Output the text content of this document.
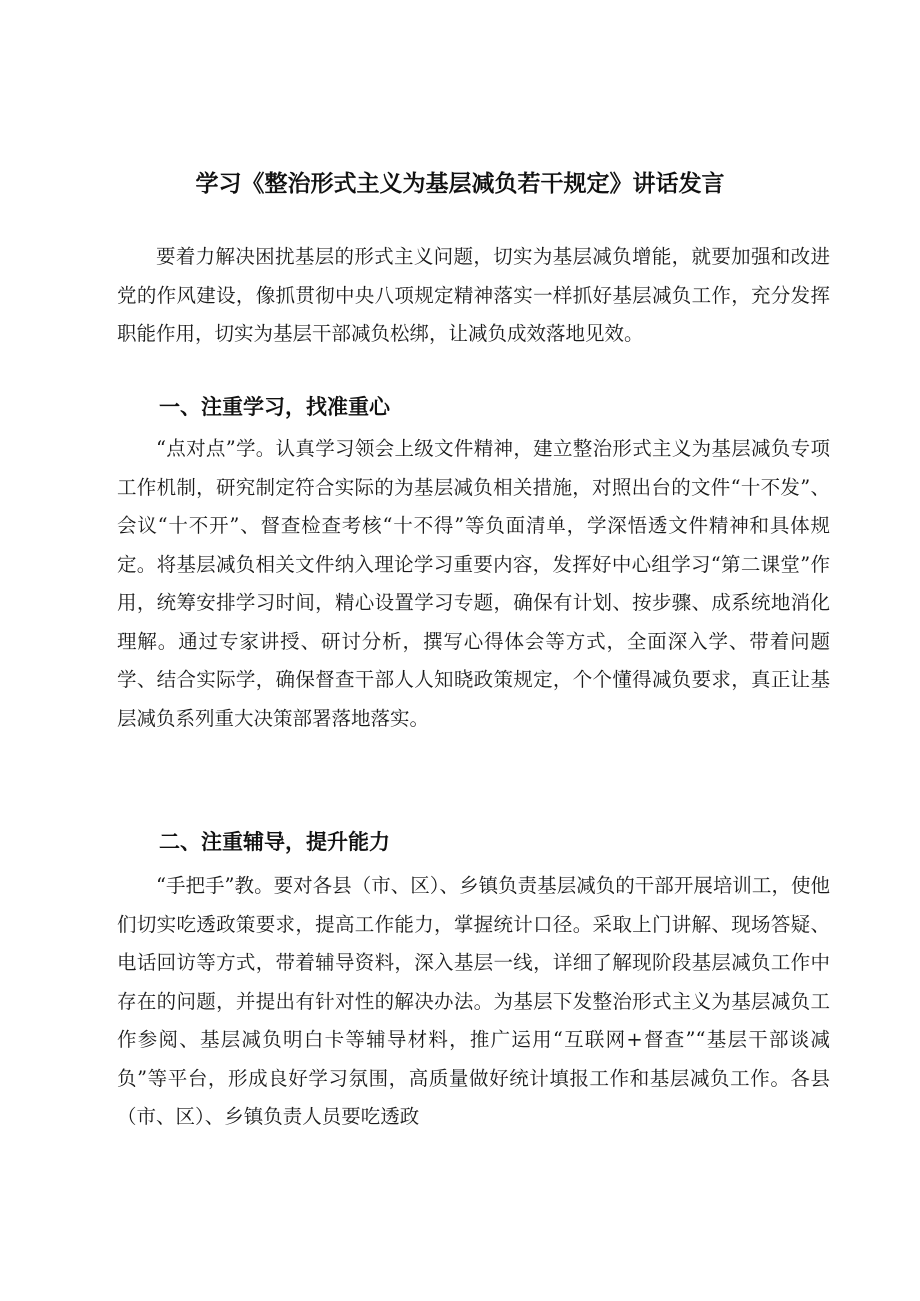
学习《整治形式主义为基层减负若干规定》讲话发言

要着力解决困扰基层的形式主义问题，切实为基层减负增能，就要加强和改进党的作风建设，像抓贯彻中央八项规定精神落实一样抓好基层减负工作，充分发挥职能作用，切实为基层干部减负松绑，让减负成效落地见效。

一、注重学习，找准重心

“点对点”学。认真学习领会上级文件精神，建立整治形式主义为基层减负专项工作机制，研究制定符合实际的为基层减负相关措施，对照出台的文件“十不发”、会议“十不开”、督查检查考核“十不得”等负面清单，学深悟透文件精神和具体规定。将基层减负相关文件纳入理论学习重要内容，发挥好中心组学习“第二课堂”作用，统筹安排学习时间，精心设置学习专题，确保有计划、按步骤、成系统地消化理解。通过专家讲授、研讨分析，撰写心得体会等方式，全面深入学、带着问题学、结合实际学，确保督查干部人人知晓政策规定，个个懂得减负要求，真正让基层减负系列重大决策部署落地落实。

二、注重辅导，提升能力

“手把手”教。要对各县（市、区）、乡镇负责基层减负的干部开展培训工，使他们切实吃透政策要求，提高工作能力，掌握统计口径。采取上门讲解、现场答疑、电话回访等方式，带着辅导资料，深入基层一线，详细了解现阶段基层减负工作中存在的问题，并提出有针对性的解决办法。为基层下发整治形式主义为基层减负工作参阅、基层减负明白卡等辅导材料，推广运用“互联网+督查”“基层干部谈减负”等平台，形成良好学习氛围，高质量做好统计填报工作和基层减负工作。各县（市、区）、乡镇负责人员要吃透政
